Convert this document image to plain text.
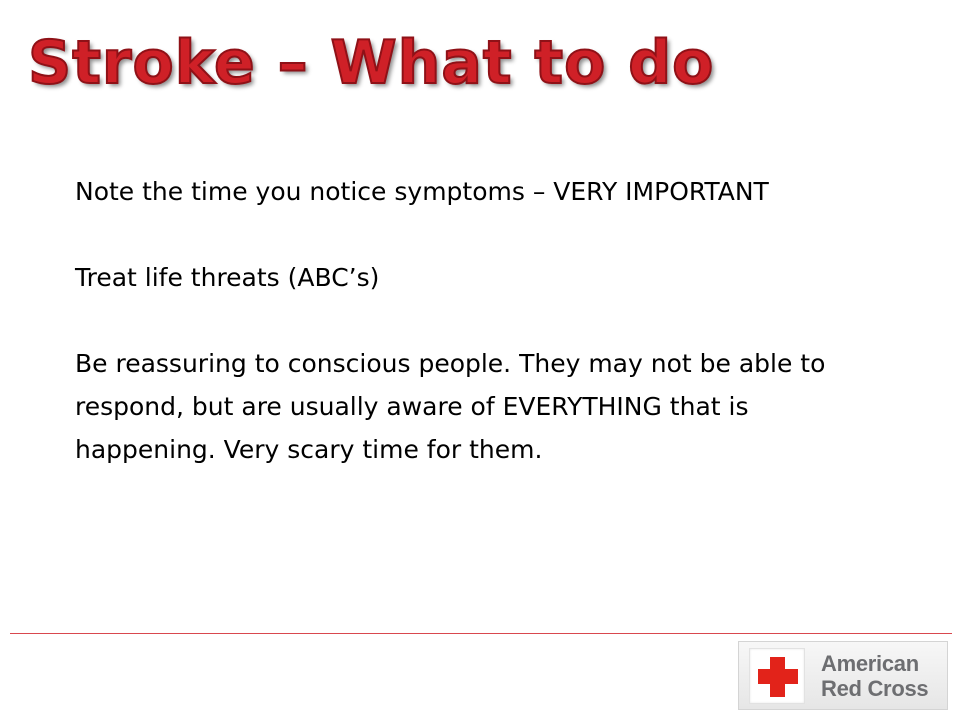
Stroke – What to do

Note the time you notice symptoms – VERY IMPORTANT

Treat life threats (ABC’s)

Be reassuring to conscious people. They may not be able to respond, but are usually aware of EVERYTHING that is happening. Very scary time for them.

American
Red Cross
